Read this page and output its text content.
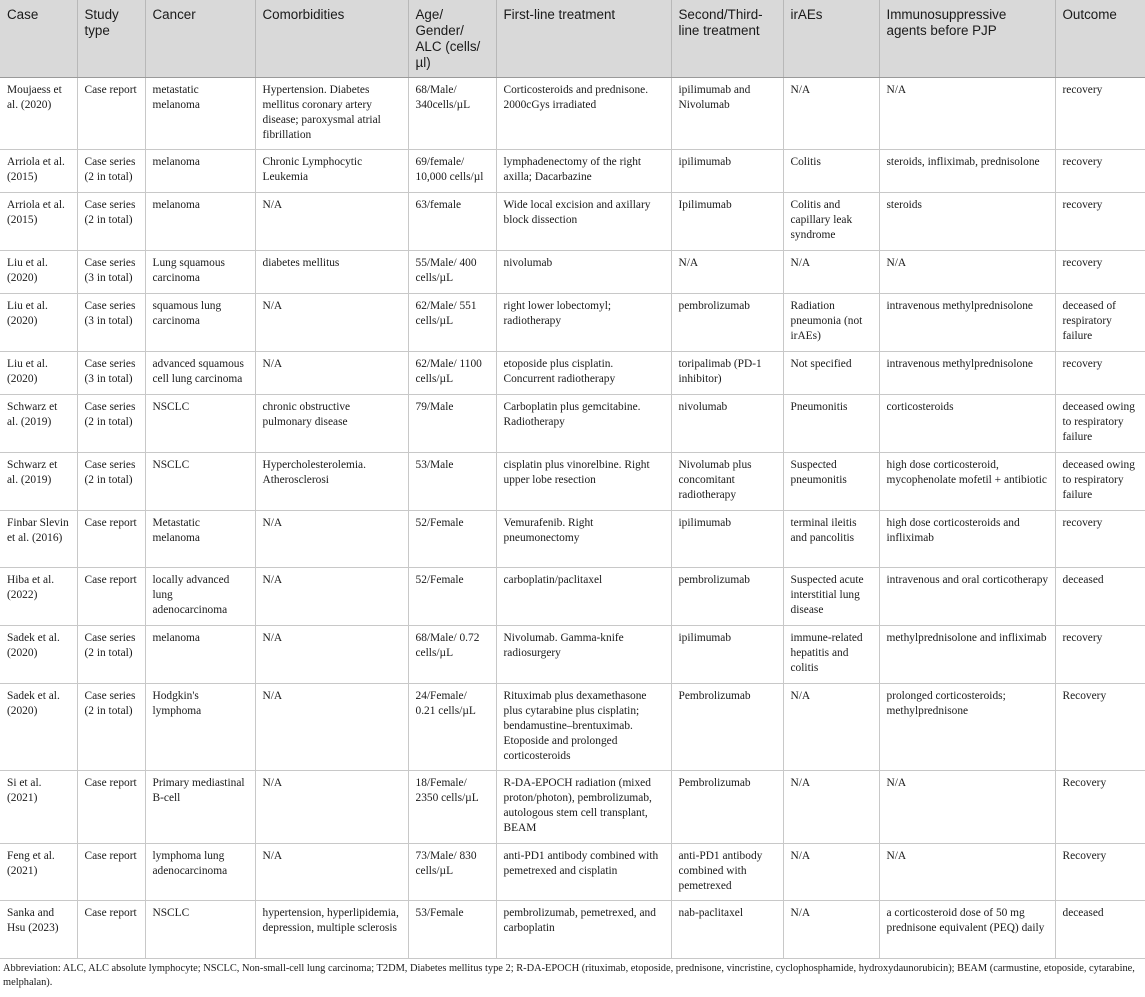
Case	Study type	Cancer	Comorbidities	Age/ Gender/ ALC (cells/µl)	First-line treatment	Second/Third-line treatment	irAEs	Immunosuppressive agents before PJP	Outcome
Moujaess et al. (2020)	Case report	metastatic melanoma	Hypertension. Diabetes mellitus coronary artery disease; paroxysmal atrial fibrillation	68/Male/ 340cells/µL	Corticosteroids and prednisone. 2000cGys irradiated	ipilimumab and Nivolumab	N/A	N/A	recovery
Arriola et al. (2015)	Case series (2 in total)	melanoma	Chronic Lymphocytic Leukemia	69/female/ 10,000 cells/µl	lymphadenectomy of the right axilla; Dacarbazine	ipilimumab	Colitis	steroids, infliximab, prednisolone	recovery
Arriola et al. (2015)	Case series (2 in total)	melanoma	N/A	63/female	Wide local excision and axillary block dissection	Ipilimumab	Colitis and capillary leak syndrome	steroids	recovery
Liu et al. (2020)	Case series (3 in total)	Lung squamous carcinoma	diabetes mellitus	55/Male/ 400 cells/µL	nivolumab	N/A	N/A	N/A	recovery
Liu et al. (2020)	Case series (3 in total)	squamous lung carcinoma	N/A	62/Male/ 551 cells/µL	right lower lobectomyl; radiotherapy	pembrolizumab	Radiation pneumonia (not irAEs)	intravenous methylprednisolone	deceased of respiratory failure
Liu et al. (2020)	Case series (3 in total)	advanced squamous cell lung carcinoma	N/A	62/Male/ 1100 cells/µL	etoposide plus cisplatin. Concurrent radiotherapy	toripalimab (PD-1 inhibitor)	Not specified	intravenous methylprednisolone	recovery
Schwarz et al. (2019)	Case series (2 in total)	NSCLC	chronic obstructive pulmonary disease	79/Male	Carboplatin plus gemcitabine. Radiotherapy	nivolumab	Pneumonitis	corticosteroids	deceased owing to respiratory failure
Schwarz et al. (2019)	Case series (2 in total)	NSCLC	Hypercholesterolemia. Atherosclerosi	53/Male	cisplatin plus vinorelbine. Right upper lobe resection	Nivolumab plus concomitant radiotherapy	Suspected pneumonitis	high dose corticosteroid, mycophenolate mofetil + antibiotic	deceased owing to respiratory failure
Finbar Slevin et al. (2016)	Case report	Metastatic melanoma	N/A	52/Female	Vemurafenib. Right pneumonectomy	ipilimumab	terminal ileitis and pancolitis	high dose corticosteroids and infliximab	recovery
Hiba et al. (2022)	Case report	locally advanced lung adenocarcinoma	N/A	52/Female	carboplatin/paclitaxel	pembrolizumab	Suspected acute interstitial lung disease	intravenous and oral corticotherapy	deceased
Sadek et al. (2020)	Case series (2 in total)	melanoma	N/A	68/Male/ 0.72 cells/µL	Nivolumab. Gamma-knife radiosurgery	ipilimumab	immune-related hepatitis and colitis	methylprednisolone and infliximab	recovery
Sadek et al. (2020)	Case series (2 in total)	Hodgkin's lymphoma	N/A	24/Female/ 0.21 cells/µL	Rituximab plus dexamethasone plus cytarabine plus cisplatin; bendamustine–brentuximab. Etoposide and prolonged corticosteroids	Pembrolizumab	N/A	prolonged corticosteroids; methylprednisone	Recovery
Si et al. (2021)	Case report	Primary mediastinal B-cell	N/A	18/Female/ 2350 cells/µL	R-DA-EPOCH radiation (mixed proton/photon), pembrolizumab, autologous stem cell transplant, BEAM	Pembrolizumab	N/A	N/A	Recovery
Feng et al. (2021)	Case report	lymphoma lung adenocarcinoma	N/A	73/Male/ 830 cells/µL	anti-PD1 antibody combined with pemetrexed and cisplatin	anti-PD1 antibody combined with pemetrexed	N/A	N/A	Recovery
Sanka and Hsu (2023)	Case report	NSCLC	hypertension, hyperlipidemia, depression, multiple sclerosis	53/Female	pembrolizumab, pemetrexed, and carboplatin	nab-paclitaxel	N/A	a corticosteroid dose of 50 mg prednisone equivalent (PEQ) daily	deceased
Abbreviation: ALC, ALC absolute lymphocyte; NSCLC, Non-small-cell lung carcinoma; T2DM, Diabetes mellitus type 2; R-DA-EPOCH (rituximab, etoposide, prednisone, vincristine, cyclophosphamide, hydroxydaunorubicin); BEAM (carmustine, etoposide, cytarabine, melphalan).
